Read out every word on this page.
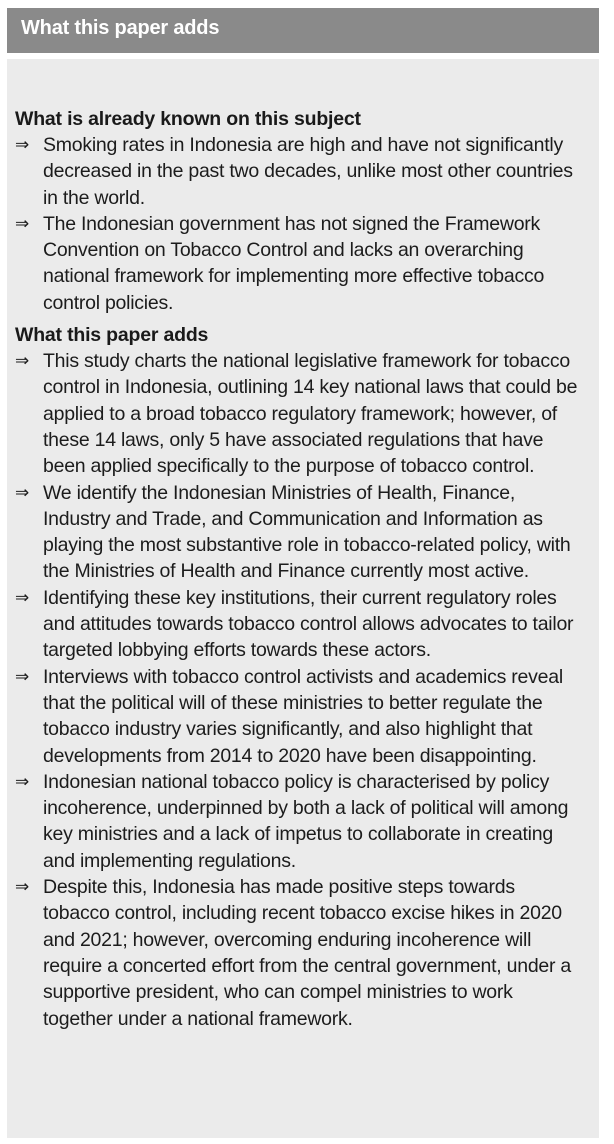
What this paper adds
What is already known on this subject
⇒ Smoking rates in Indonesia are high and have not significantly decreased in the past two decades, unlike most other countries in the world.
⇒ The Indonesian government has not signed the Framework Convention on Tobacco Control and lacks an overarching national framework for implementing more effective tobacco control policies.
What this paper adds
⇒ This study charts the national legislative framework for tobacco control in Indonesia, outlining 14 key national laws that could be applied to a broad tobacco regulatory framework; however, of these 14 laws, only 5 have associated regulations that have been applied specifically to the purpose of tobacco control.
⇒ We identify the Indonesian Ministries of Health, Finance, Industry and Trade, and Communication and Information as playing the most substantive role in tobacco-related policy, with the Ministries of Health and Finance currently most active.
⇒ Identifying these key institutions, their current regulatory roles and attitudes towards tobacco control allows advocates to tailor targeted lobbying efforts towards these actors.
⇒ Interviews with tobacco control activists and academics reveal that the political will of these ministries to better regulate the tobacco industry varies significantly, and also highlight that developments from 2014 to 2020 have been disappointing.
⇒ Indonesian national tobacco policy is characterised by policy incoherence, underpinned by both a lack of political will among key ministries and a lack of impetus to collaborate in creating and implementing regulations.
⇒ Despite this, Indonesia has made positive steps towards tobacco control, including recent tobacco excise hikes in 2020 and 2021; however, overcoming enduring incoherence will require a concerted effort from the central government, under a supportive president, who can compel ministries to work together under a national framework.
